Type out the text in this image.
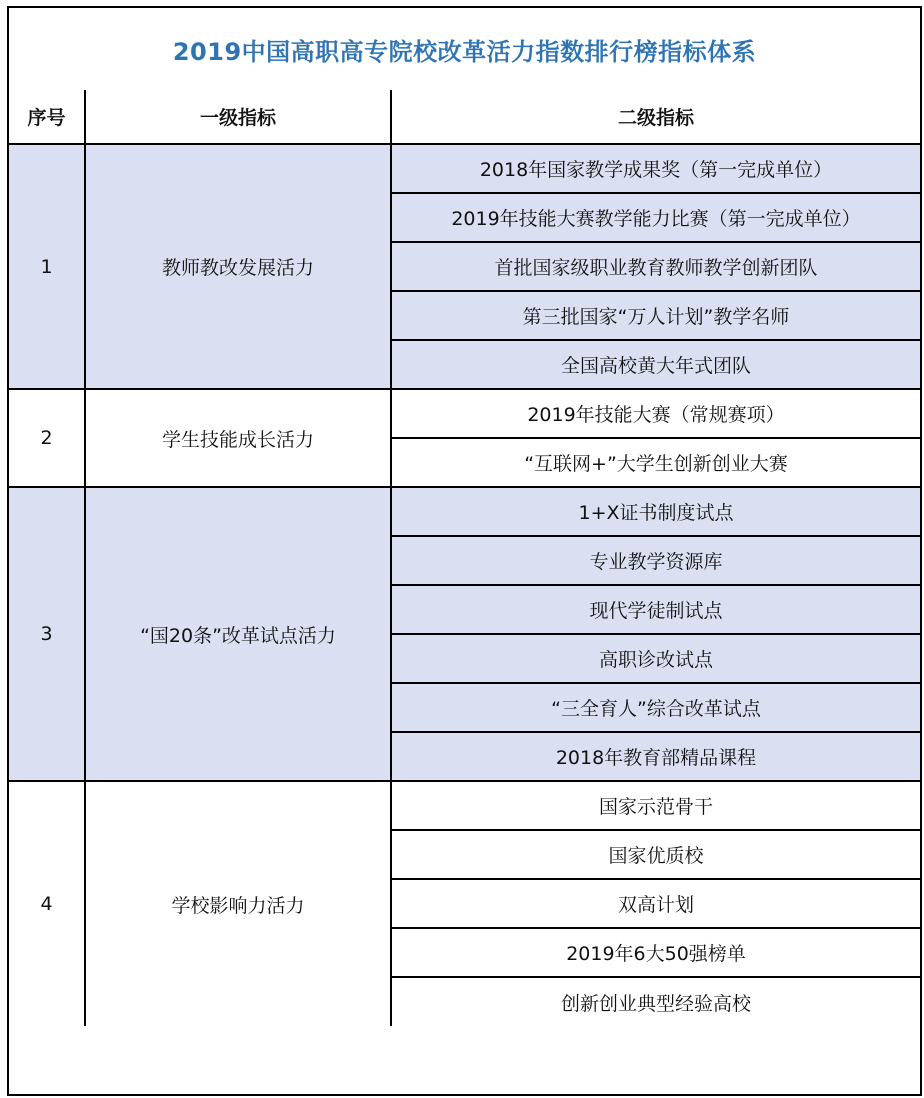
2019中国高职高专院校改革活力指数排行榜指标体系
序号	一级指标	二级指标
1	教师教改发展活力	2018年国家教学成果奖（第一完成单位）
		2019年技能大赛教学能力比赛（第一完成单位）
		首批国家级职业教育教师教学创新团队
		第三批国家“万人计划”教学名师
		全国高校黄大年式团队
2	学生技能成长活力	2019年技能大赛（常规赛项）
		“互联网+”大学生创新创业大赛
3	“国20条”改革试点活力	1+X证书制度试点
		专业教学资源库
		现代学徒制试点
		高职诊改试点
		“三全育人”综合改革试点
		2018年教育部精品课程
4	学校影响力活力	国家示范骨干
		国家优质校
		双高计划
		2019年6大50强榜单
		创新创业典型经验高校
